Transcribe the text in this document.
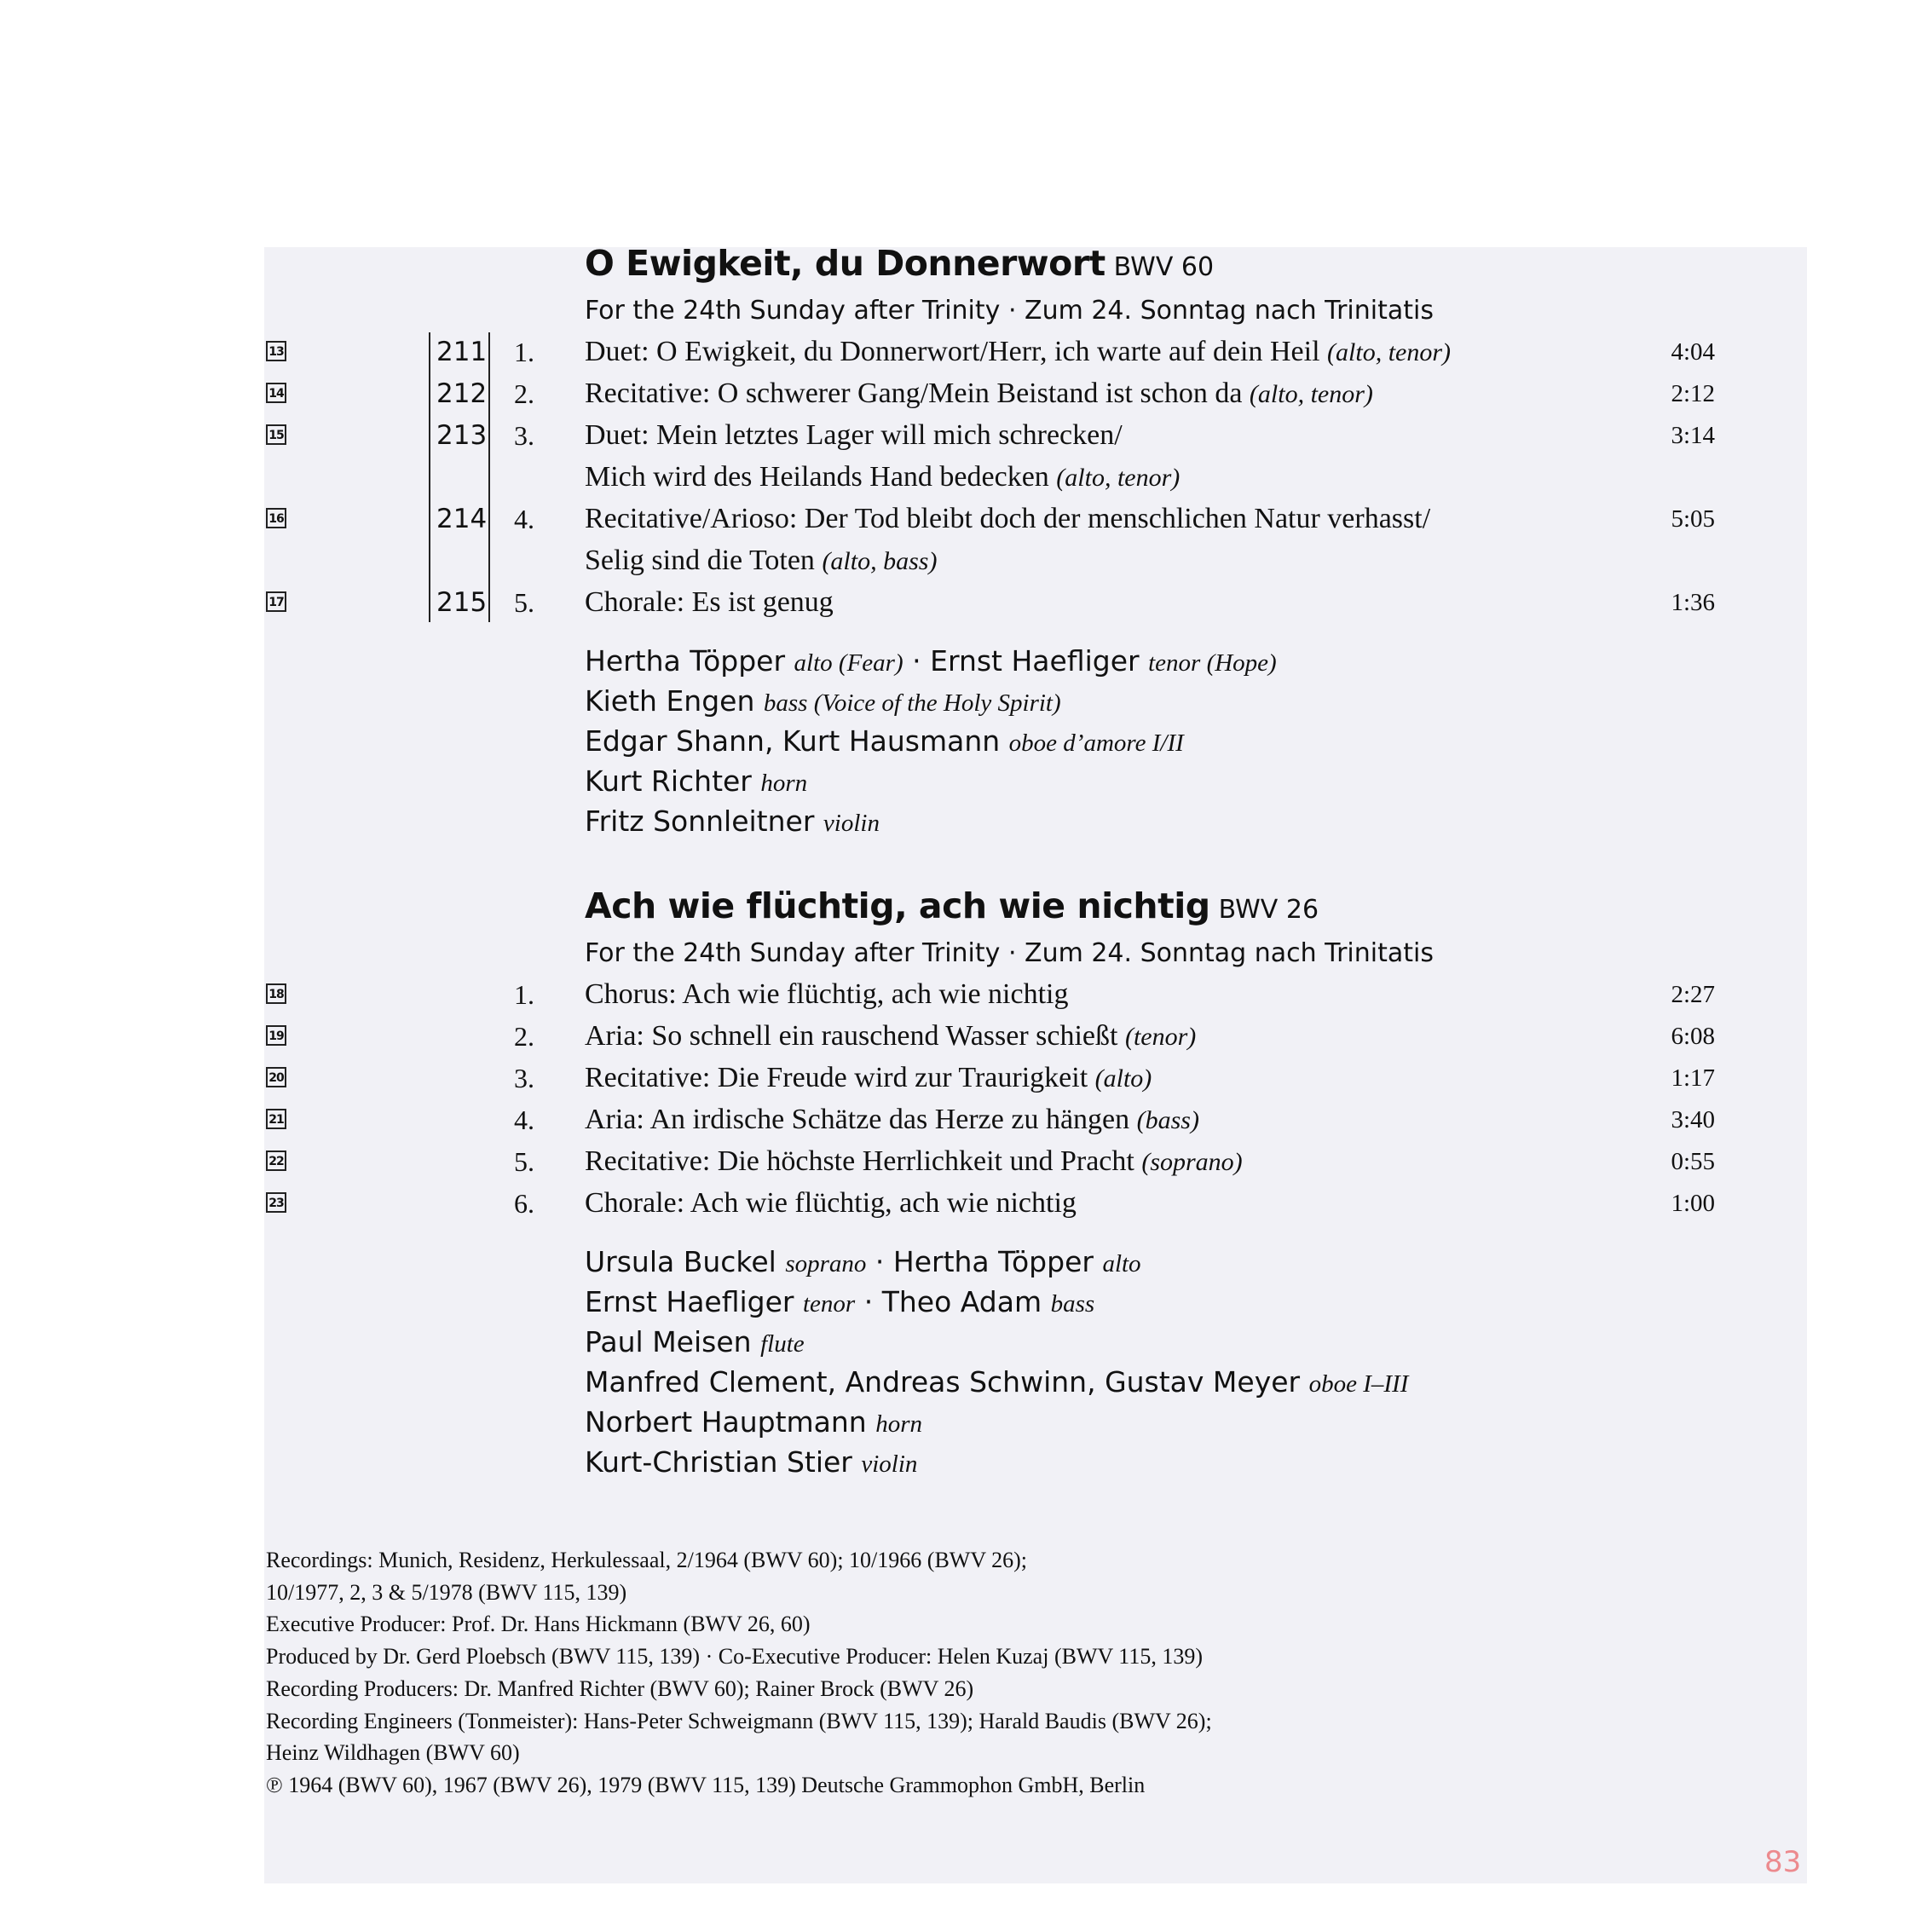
O Ewigkeit, du Donnerwort BWV 60
For the 24th Sunday after Trinity · Zum 24. Sonntag nach Trinitatis
13	211 1. Duet: O Ewigkeit, du Donnerwort/Herr, ich warte auf dein Heil (alto, tenor)	4:04
14	212 2. Recitative: O schwerer Gang/Mein Beistand ist schon da (alto, tenor)	2:12
15	213 3. Duet: Mein letztes Lager will mich schrecken/	3:14
Mich wird des Heilands Hand bedecken (alto, tenor)
16	214 4. Recitative/Arioso: Der Tod bleibt doch der menschlichen Natur verhasst/	5:05
Selig sind die Toten (alto, bass)
17	215 5. Chorale: Es ist genug	1:36
Hertha Töpper alto (Fear) · Ernst Haefliger tenor (Hope)
Kieth Engen bass (Voice of the Holy Spirit)
Edgar Shann, Kurt Hausmann oboe d’amore I/II
Kurt Richter horn
Fritz Sonnleitner violin
Ach wie flüchtig, ach wie nichtig BWV 26
For the 24th Sunday after Trinity · Zum 24. Sonntag nach Trinitatis
18	1. Chorus: Ach wie flüchtig, ach wie nichtig	2:27
19	2. Aria: So schnell ein rauschend Wasser schießt (tenor)	6:08
20	3. Recitative: Die Freude wird zur Traurigkeit (alto)	1:17
21	4. Aria: An irdische Schätze das Herze zu hängen (bass)	3:40
22	5. Recitative: Die höchste Herrlichkeit und Pracht (soprano)	0:55
23	6. Chorale: Ach wie flüchtig, ach wie nichtig	1:00
Ursula Buckel soprano · Hertha Töpper alto
Ernst Haefliger tenor · Theo Adam bass
Paul Meisen flute
Manfred Clement, Andreas Schwinn, Gustav Meyer oboe I–III
Norbert Hauptmann horn
Kurt-Christian Stier violin
Recordings: Munich, Residenz, Herkulessaal, 2/1964 (BWV 60); 10/1966 (BWV 26);
10/1977, 2, 3 & 5/1978 (BWV 115, 139)
Executive Producer: Prof. Dr. Hans Hickmann (BWV 26, 60)
Produced by Dr. Gerd Ploebsch (BWV 115, 139) · Co-Executive Producer: Helen Kuzaj (BWV 115, 139)
Recording Producers: Dr. Manfred Richter (BWV 60); Rainer Brock (BWV 26)
Recording Engineers (Tonmeister): Hans-Peter Schweigmann (BWV 115, 139); Harald Baudis (BWV 26);
Heinz Wildhagen (BWV 60)
℗ 1964 (BWV 60), 1967 (BWV 26), 1979 (BWV 115, 139) Deutsche Grammophon GmbH, Berlin
83
